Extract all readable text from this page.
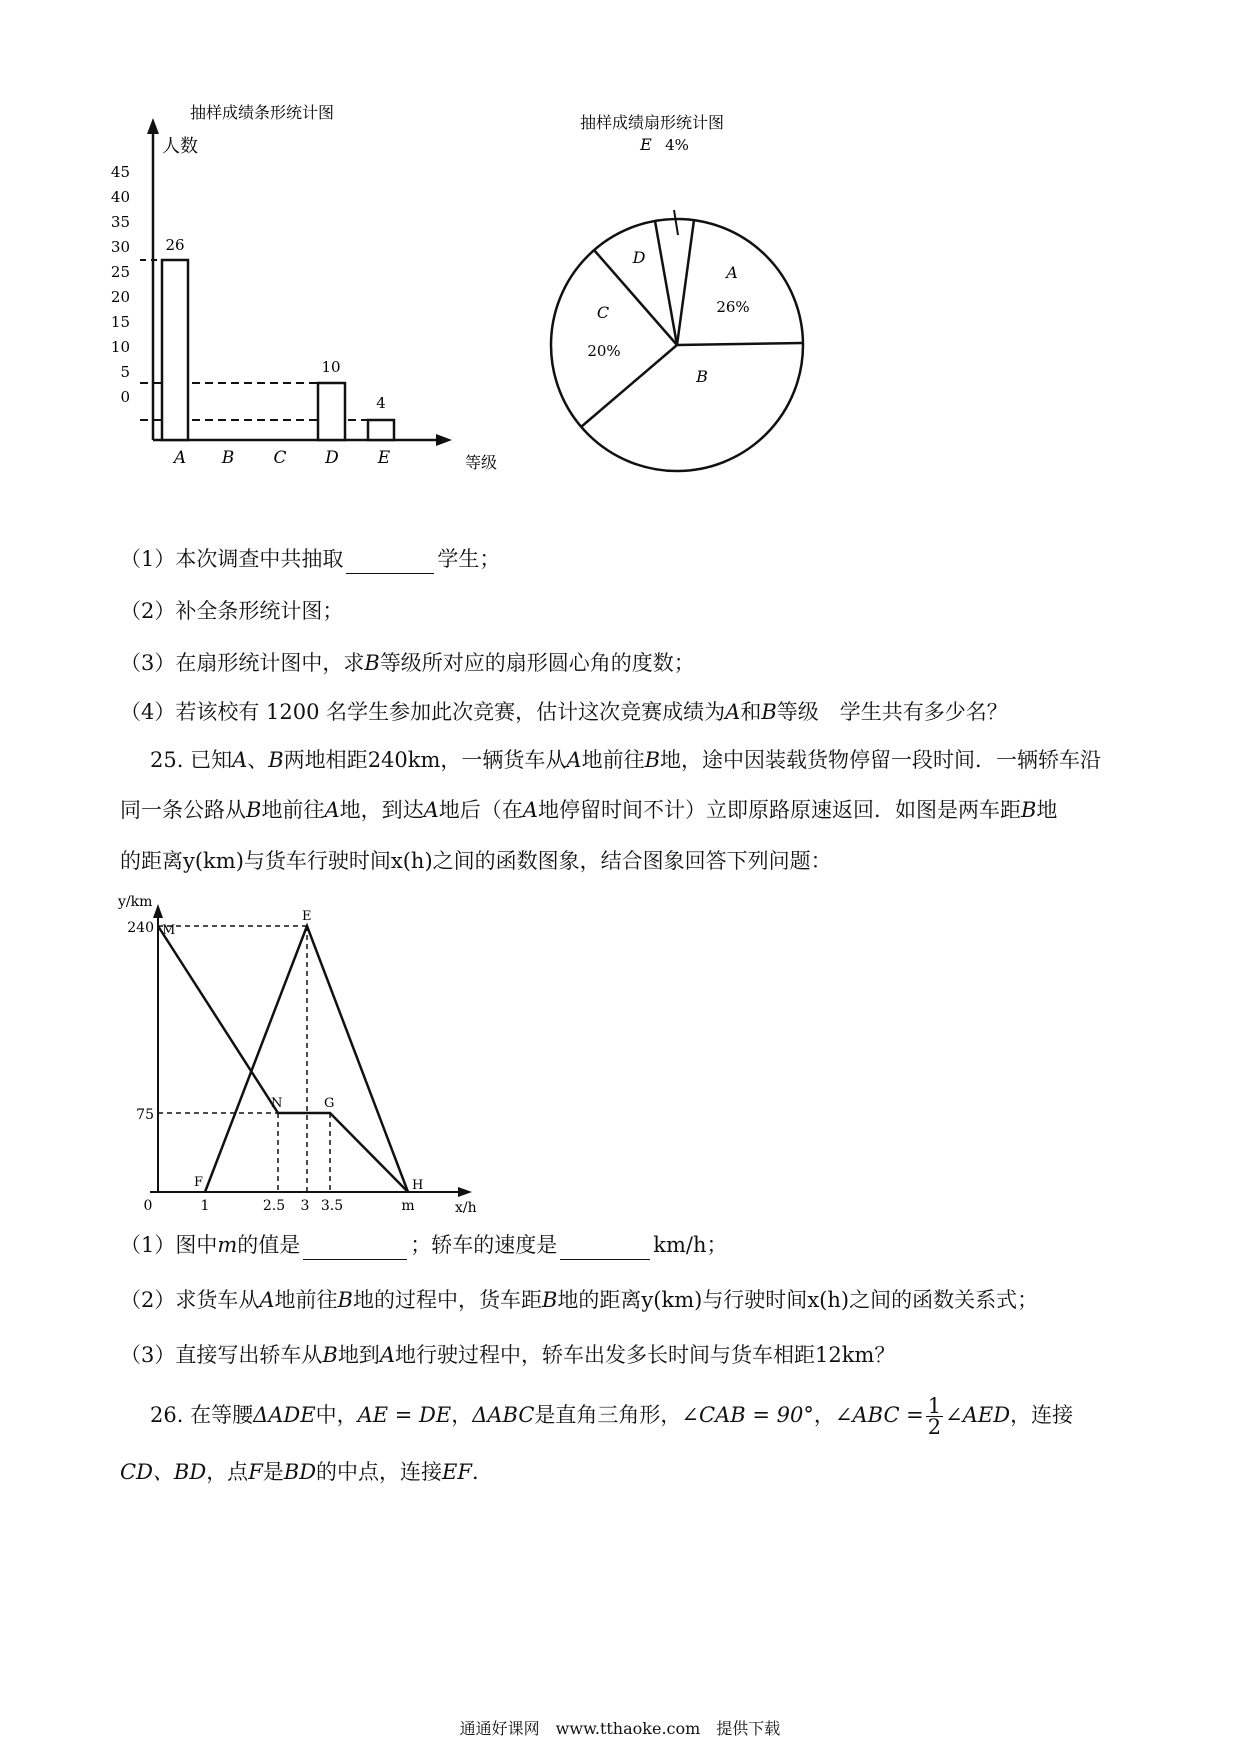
抽样成绩条形统计图
人数
等级
45
40
35
30
25
20
15
10
5
0
26
10
4
A B C D E
抽样成绩扇形统计图
A
B
C
D
E
26%
20%
4%
（1）本次调查中共抽取	学生；
（2）补全条形统计图；
（3）在扇形统计图中，求B等级所对应的扇形圆心角的度数；
（4）若该校有 1200 名学生参加此次竞赛，估计这次竞赛成绩为A和B等级　学生共有多少名？
25. 已知A、B两地相距240km，一辆货车从A地前往B地，途中因装载货物停留一段时间．一辆轿车沿
同一条公路从B地前往A地，到达A地后（在A地停留时间不计）立即原路原速返回．如图是两车距B地
的距离y(km)与货车行驶时间x(h)之间的函数图象，结合图象回答下列问题：
y/km
x/h
240
75
0	1	2.5 3 3.5	m
M
E
N	G
F	H
（1）图中m的值是	；轿车的速度是	km/h；
（2）求货车从A地前往B地的过程中，货车距B地的距离y(km)与行驶时间x(h)之间的函数关系式；
（3）直接写出轿车从B地到A地行驶过程中，轿车出发多长时间与货车相距12km？
26. 在等腰ΔADE中，AE = DE，ΔABC是直角三角形，∠CAB = 90°，∠ABC = $\frac{1}{2}$ ∠AED，连接
CD、BD，点F是BD的中点，连接EF．
通通好课网　www.tthaoke.com　提供下载
